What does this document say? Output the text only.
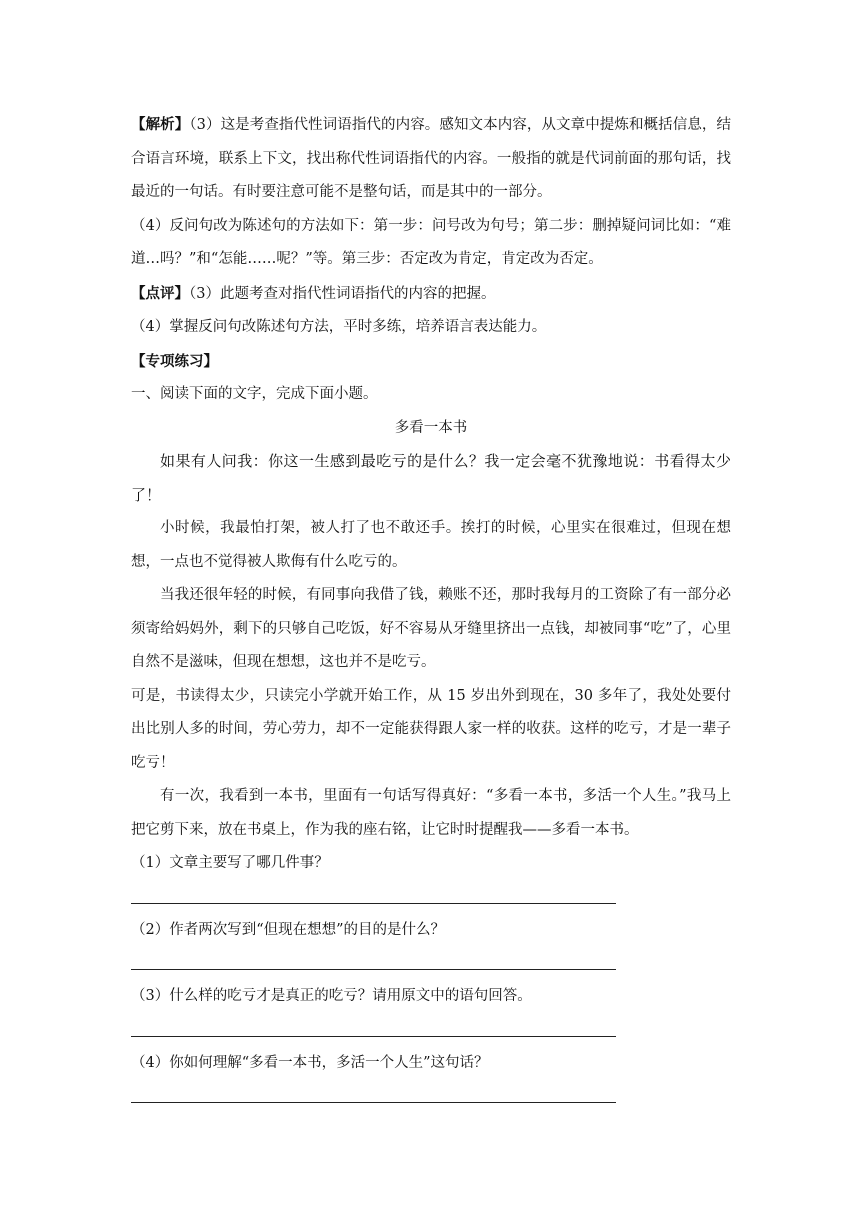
【解析】（3）这是考查指代性词语指代的内容。感知文本内容，从文章中提炼和概括信息，结合语言环境，联系上下文，找出称代性词语指代的内容。一般指的就是代词前面的那句话，找最近的一句话。有时要注意可能不是整句话，而是其中的一部分。

（4）反问句改为陈述句的方法如下：第一步：问号改为句号；第二步：删掉疑问词比如：“难道…吗？”和“怎能……呢？”等。第三步：否定改为肯定，肯定改为否定。

【点评】（3）此题考查对指代性词语指代的内容的把握。

（4）掌握反问句改陈述句方法，平时多练，培养语言表达能力。

【专项练习】

一、阅读下面的文字，完成下面小题。

多看一本书

如果有人问我：你这一生感到最吃亏的是什么？我一定会毫不犹豫地说：书看得太少了！

小时候，我最怕打架，被人打了也不敢还手。挨打的时候，心里实在很难过，但现在想想，一点也不觉得被人欺侮有什么吃亏的。

当我还很年轻的时候，有同事向我借了钱，赖账不还，那时我每月的工资除了有一部分必须寄给妈妈外，剩下的只够自己吃饭，好不容易从牙缝里挤出一点钱，却被同事“吃”了，心里自然不是滋味，但现在想想，这也并不是吃亏。

可是，书读得太少，只读完小学就开始工作，从 15 岁出外到现在，30 多年了，我处处要付出比别人多的时间，劳心劳力，却不一定能获得跟人家一样的收获。这样的吃亏，才是一辈子吃亏！

有一次，我看到一本书，里面有一句话写得真好：“多看一本书，多活一个人生。”我马上把它剪下来，放在书桌上，作为我的座右铭，让它时时提醒我——多看一本书。

（1）文章主要写了哪几件事？

（2）作者两次写到“但现在想想”的目的是什么？

（3）什么样的吃亏才是真正的吃亏？请用原文中的语句回答。

（4）你如何理解“多看一本书，多活一个人生”这句话？
